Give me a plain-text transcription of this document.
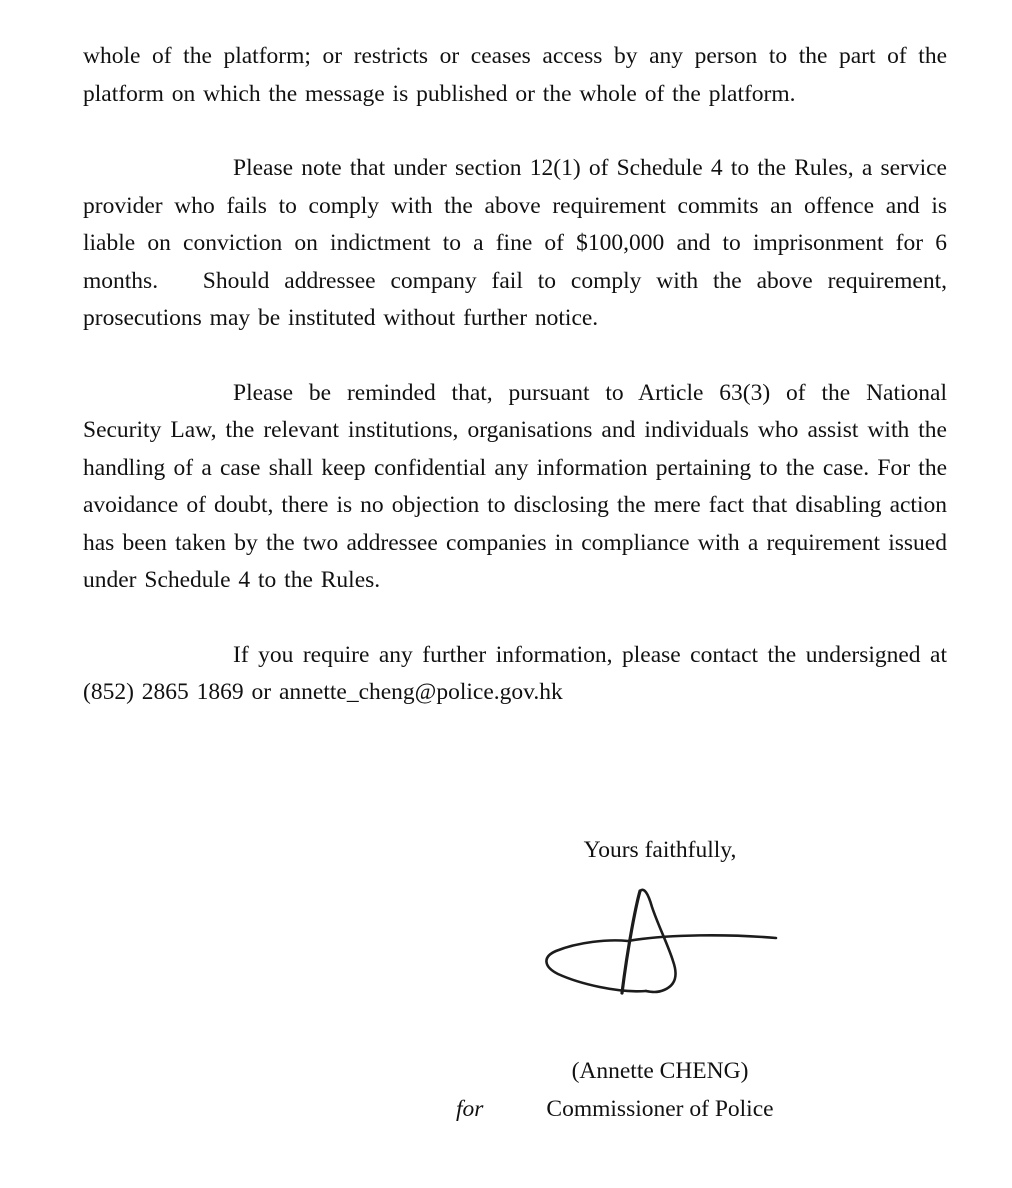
whole of the platform; or restricts or ceases access by any person to the part of the platform on which the message is published or the whole of the platform.

Please note that under section 12(1) of Schedule 4 to the Rules, a service provider who fails to comply with the above requirement commits an offence and is liable on conviction on indictment to a fine of $100,000 and to imprisonment for 6 months.   Should addressee company fail to comply with the above requirement, prosecutions may be instituted without further notice.

Please be reminded that, pursuant to Article 63(3) of the National Security Law, the relevant institutions, organisations and individuals who assist with the handling of a case shall keep confidential any information pertaining to the case. For the avoidance of doubt, there is no objection to disclosing the mere fact that disabling action has been taken by the two addressee companies in compliance with a requirement issued under Schedule 4 to the Rules.

If you require any further information, please contact the undersigned at (852) 2865 1869 or annette_cheng@police.gov.hk

Yours faithfully,
(Annette CHENG)
for	Commissioner of Police
